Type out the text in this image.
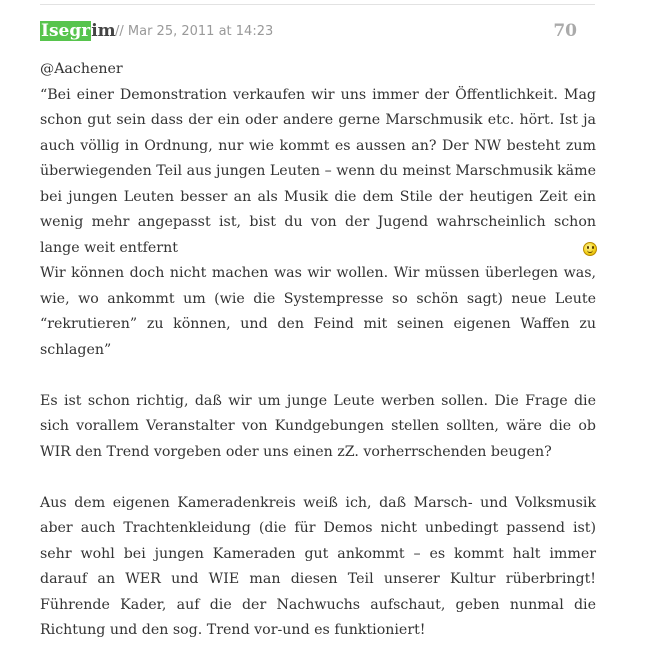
Isegrim // Mar 25, 2011 at 14:23	70

@Aachener
“Bei einer Demonstration verkaufen wir uns immer der Öffentlichkeit. Mag schon gut sein dass der ein oder andere gerne Marschmusik etc. hört. Ist ja auch völlig in Ordnung, nur wie kommt es aussen an? Der NW besteht zum überwiegenden Teil aus jungen Leuten – wenn du meinst Marschmusik käme bei jungen Leuten besser an als Musik die dem Stile der heutigen Zeit ein wenig mehr angepasst ist, bist du von der Jugend wahrscheinlich schon lange weit entfernt
Wir können doch nicht machen was wir wollen. Wir müssen überlegen was, wie, wo ankommt um (wie die Systempresse so schön sagt) neue Leute “rekrutieren” zu können, und den Feind mit seinen eigenen Waffen zu schlagen”

Es ist schon richtig, daß wir um junge Leute werben sollen. Die Frage die sich vorallem Veranstalter von Kundgebungen stellen sollten, wäre die ob WIR den Trend vorgeben oder uns einen zZ. vorherrschenden beugen?

Aus dem eigenen Kameradenkreis weiß ich, daß Marsch- und Volksmusik aber auch Trachtenkleidung (die für Demos nicht unbedingt passend ist) sehr wohl bei jungen Kameraden gut ankommt – es kommt halt immer darauf an WER und WIE man diesen Teil unserer Kultur rüberbringt! Führende Kader, auf die der Nachwuchs aufschaut, geben nunmal die Richtung und den sog. Trend vor-und es funktioniert!
